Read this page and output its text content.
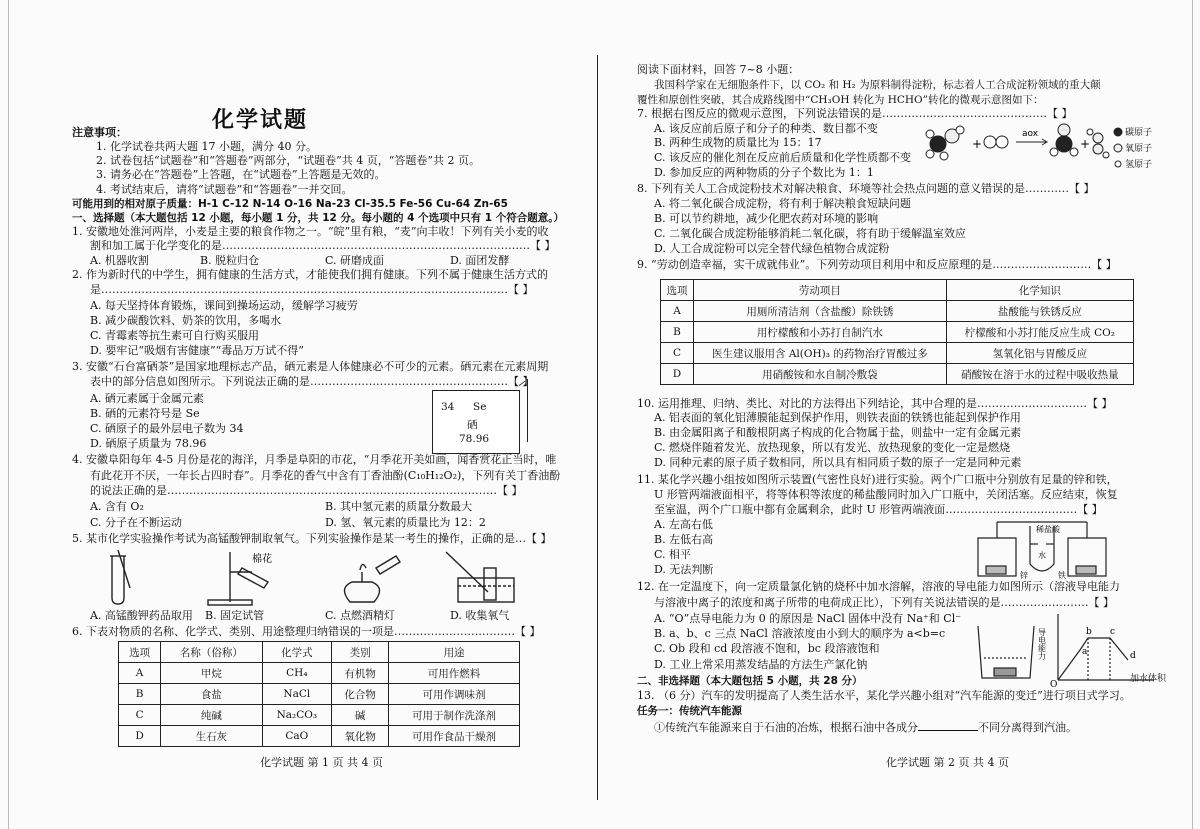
化学试题
注意事项：
1. 化学试卷共两大题 17 小题，满分 40 分。
2. 试卷包括“试题卷”和“答题卷”两部分，“试题卷”共 4 页，“答题卷”共 2 页。
3. 请务必在“答题卷”上答题，在“试题卷”上答题是无效的。
4. 考试结束后，请将“试题卷”和“答题卷”一并交回。
可能用到的相对原子质量：H-1 C-12 N-14 O-16 Na-23 Cl-35.5 Fe-56 Cu-64 Zn-65
一、选择题（本大题包括 12 小题，每小题 1 分，共 12 分。每小题的 4 个选项中只有 1 个符合题意。）
1. 安徽地处淮河两岸，小麦是主要的粮食作物之一。“皖”里有粮，“麦”向丰收！下列有关小麦的收
割和加工属于化学变化的是…………………………………………………………………………【 】
A. 机器收割	B. 脱粒归仓	C. 研磨成面	D. 面团发酵
2. 作为新时代的中学生，拥有健康的生活方式，才能使我们拥有健康。下列不属于健康生活方式的
是…………………………………………………………………………………………………【 】
A. 每天坚持体育锻炼，课间到操场运动，缓解学习疲劳
B. 减少碳酸饮料、奶茶的饮用，多喝水
C. 青霉素等抗生素可自行购买服用
D. 要牢记“吸烟有害健康”“毒品万万试不得”
3. 安徽“石台富硒茶”是国家地理标志产品，硒元素是人体健康必不可少的元素。硒元素在元素周期
表中的部分信息如图所示。下列说法正确的是………………………………………………【 】
A. 硒元素属于金属元素
B. 硒的元素符号是 Se
C. 硒原子的最外层电子数为 34
D. 硒原子质量为 78.96
34 Se
硒
78.96
4. 安徽阜阳每年 4-5 月份是花的海洋，月季是阜阳的市花，“月季花开美如画，闻香赏花正当时，唯
有此花开不厌，一年长占四时春”。月季花的香气中含有丁香油酚(C₁₀H₁₂O₂)，下列有关丁香油酚
的说法正确的是………………………………………………………………………………【 】
A. 含有 O₂	B. 其中氢元素的质量分数最大
C. 分子在不断运动	D. 氢、氧元素的质量比为 12：2
5. 某市化学实验操作考试为高锰酸钾制取氧气。下列实验操作是某一考生的操作，正确的是…【 】
棉花
A. 高锰酸钾药品取用 B. 固定试管	C. 点燃酒精灯	D. 收集氧气
6. 下表对物质的名称、化学式、类别、用途整理归纳错误的一项是……………………………【 】
选项	名称（俗称）	化学式	类别	用途
A	甲烷	CH₄	有机物	可用作燃料
B	食盐	NaCl	化合物	可用作调味剂
C	纯碱	Na₂CO₃	碱	可用于制作洗涤剂
D	生石灰	CaO	氧化物	可用作食品干燥剂
化学试题 第 1 页 共 4 页
阅读下面材料，回答 7~8 小题：
我国科学家在无细胞条件下，以 CO₂ 和 H₂ 为原料制得淀粉，标志着人工合成淀粉领域的重大颠
覆性和原创性突破，其合成路线图中“CH₃OH 转化为 HCHO”转化的微观示意图如下：
7. 根据右图反应的微观示意图，下列说法错误的是………………………………………【 】
A. 该反应前后原子和分子的种类、数目都不变
B. 两种生成物的质量比为 15：17
C. 该反应的催化剂在反应前后质量和化学性质都不变
D. 参加反应的两种物质的分子个数比为 1：1
+
aox
+
碳原子
氧原子
氢原子
8. 下列有关人工合成淀粉技术对解决粮食、环境等社会热点问题的意义错误的是…………【 】
A. 将二氧化碳合成淀粉，将有利于解决粮食短缺问题
B. 可以节约耕地，减少化肥农药对环境的影响
C. 二氧化碳合成淀粉能够消耗二氧化碳，将有助于缓解温室效应
D. 人工合成淀粉可以完全替代绿色植物合成淀粉
9. “劳动创造幸福，实干成就伟业”。下列劳动项目利用中和反应原理的是………………………【 】
选项	劳动项目	化学知识
A	用厕所清洁剂（含盐酸）除铁锈	盐酸能与铁锈反应
B	用柠檬酸和小苏打自制汽水	柠檬酸和小苏打能反应生成 CO₂
C	医生建议服用含 Al(OH)₃ 的药物治疗胃酸过多	氢氧化铝与胃酸反应
D	用硝酸铵和水自制冷敷袋	硝酸铵在溶于水的过程中吸收热量
10. 运用推理、归纳、类比、对比的方法得出下列结论，其中合理的是…………………………【 】
A. 铝表面的氧化铝薄膜能起到保护作用，则铁表面的铁锈也能起到保护作用
B. 由金属阳离子和酸根阴离子构成的化合物属于盐，则盐中一定有金属元素
C. 燃烧伴随着发光、放热现象，所以有发光、放热现象的变化一定是燃烧
D. 同种元素的原子质子数相同，所以具有相同质子数的原子一定是同种元素
11. 某化学兴趣小组按如图所示装置(气密性良好)进行实验。两个广口瓶中分别放有足量的锌和铁，
U 形管两端液面相平，将等体积等浓度的稀盐酸同时加入广口瓶中，关闭活塞。反应结束，恢复
至室温，两个广口瓶中都有金属剩余，此时 U 形管两端液面………………………………【 】
A. 左高右低
B. 左低右高
C. 相平
D. 无法判断
稀盐酸
水
锌	铁
12. 在一定温度下，向一定质量氯化钠的烧杯中加水溶解，溶液的导电能力如图所示（溶液导电能力
与溶液中离子的浓度和离子所带的电荷成正比），下列有关说法错误的是……………………【 】
A. “O”点导电能力为 0 的原因是 NaCl 固体中没有 Na⁺和 Cl⁻
B. a、b、c 三点 NaCl 溶液浓度由小到大的顺序为 a<b=c
C. Ob 段和 cd 段溶液不饱和，bc 段溶液饱和
D. 工业上常采用蒸发结晶的方法生产氯化钠
导电能力
O
a
b c
d
加水体积
二、非选择题（本大题包括 5 小题，共 28 分）
13. （6 分）汽车的发明提高了人类生活水平，某化学兴趣小组对“汽车能源的变迁”进行项目式学习。
任务一：传统汽车能源
①传统汽车能源来自于石油的冶炼，根据石油中各成分	不同分离得到汽油。
化学试题 第 2 页 共 4 页
